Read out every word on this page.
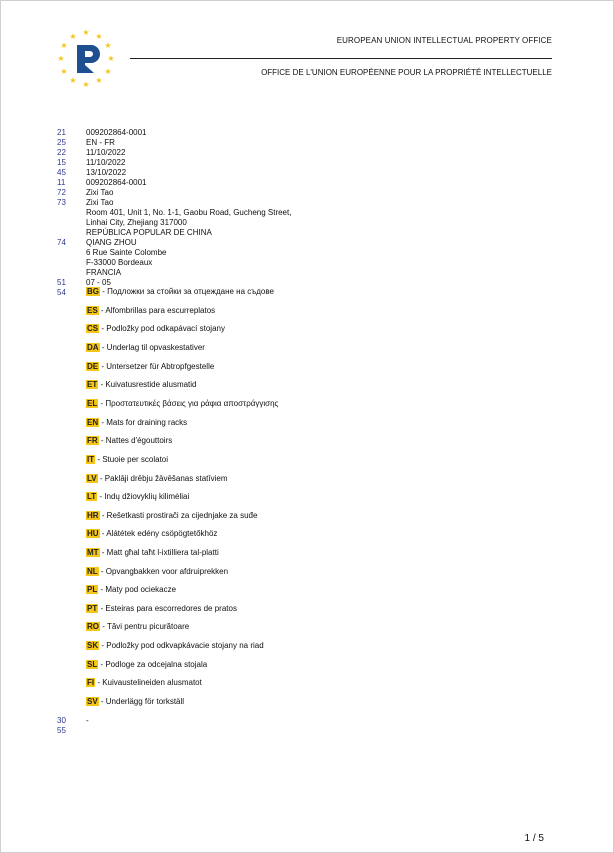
★ ★
★
★
★
★
★
★
★
★
★
★	EUROPEAN UNION INTELLECTUAL PROPERTY OFFICE
OFFICE DE L'UNION EUROPÉENNE POUR LA PROPRIÉTÉ INTELLECTUELLE
21	009202864-0001
25	EN - FR
22	11/10/2022
15	11/10/2022
45	13/10/2022
11	009202864-0001
72	Zixi Tao
73	Zixi Tao
Room 401, Unit 1, No. 1-1, Gaobu Road, Gucheng Street,
Linhai City, Zhejiang 317000
REPÚBLICA POPULAR DE CHINA
74	QIANG ZHOU
6 Rue Sainte Colombe
F-33000 Bordeaux
FRANCIA
51	07 - 05
54	BG - Подложки за стойки за отцеждане на съдове
ES - Alfombrillas para escurreplatos
CS - Podložky pod odkapávací stojany
DA - Underlag til opvaskestativer
DE - Untersetzer für Abtropfgestelle
ET - Kuivatusrestide alusmatid
EL - Προστατευτικές βάσεις για ράφια αποστράγγισης
EN - Mats for draining racks
FR - Nattes d'égouttoirs
IT - Stuoie per scolatoi
LV - Paklāji drēbju žāvēšanas statīviem
LT - Indų džiovyklių kilimėliai
HR - Rešetkasti prostirači za cijednjake za suđe
HU - Alátétek edény csöpögtetőkhöz
MT - Matt għal taħt l-ixtilliera tal-platti
NL - Opvangbakken voor afdruiprekken
PL - Maty pod ociekacze
PT - Esteiras para escorredores de pratos
RO - Tăvi pentru picurătoare
SK - Podložky pod odkvapkávacie stojany na riad
SL - Podloge za odcejalna stojala
FI - Kuivaustelineiden alusmatot
SV - Underlägg för torkställ
30	-
55
1 / 5
